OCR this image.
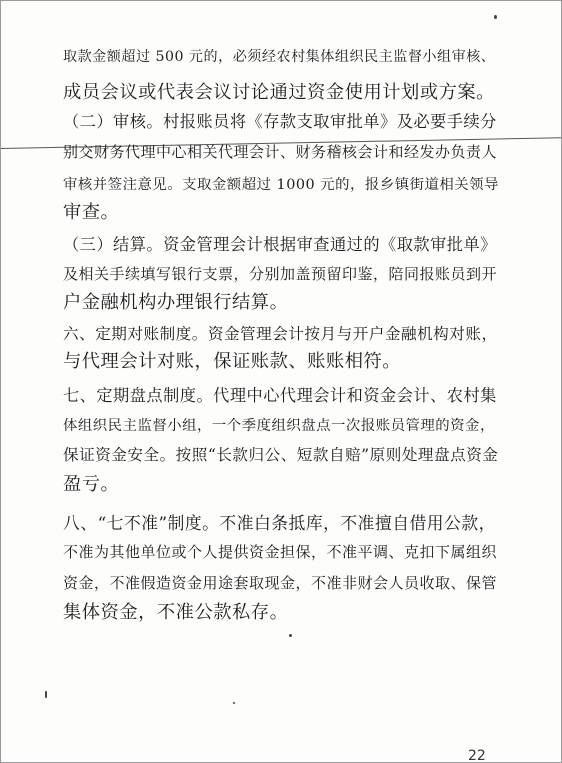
取款金额超过 500 元的，必须经农村集体组织民主监督小组审核、
成员会议或代表会议讨论通过资金使用计划或方案。
（二）审核。村报账员将《存款支取审批单》及必要手续分
别交财务代理中心相关代理会计、财务稽核会计和经发办负责人
审核并签注意见。支取金额超过 1000 元的，报乡镇街道相关领导
审查。
（三）结算。资金管理会计根据审查通过的《取款审批单》
及相关手续填写银行支票，分别加盖预留印鉴，陪同报账员到开
户金融机构办理银行结算。
六、定期对账制度。资金管理会计按月与开户金融机构对账，
与代理会计对账，保证账款、账账相符。
七、定期盘点制度。代理中心代理会计和资金会计、农村集
体组织民主监督小组，一个季度组织盘点一次报账员管理的资金，
保证资金安全。按照“长款归公、短款自赔”原则处理盘点资金
盈亏。
八、“七不准”制度。不准白条抵库，不准擅自借用公款，
不准为其他单位或个人提供资金担保，不准平调、克扣下属组织
资金，不准假造资金用途套取现金，不准非财会人员收取、保管
集体资金，不准公款私存。
22
